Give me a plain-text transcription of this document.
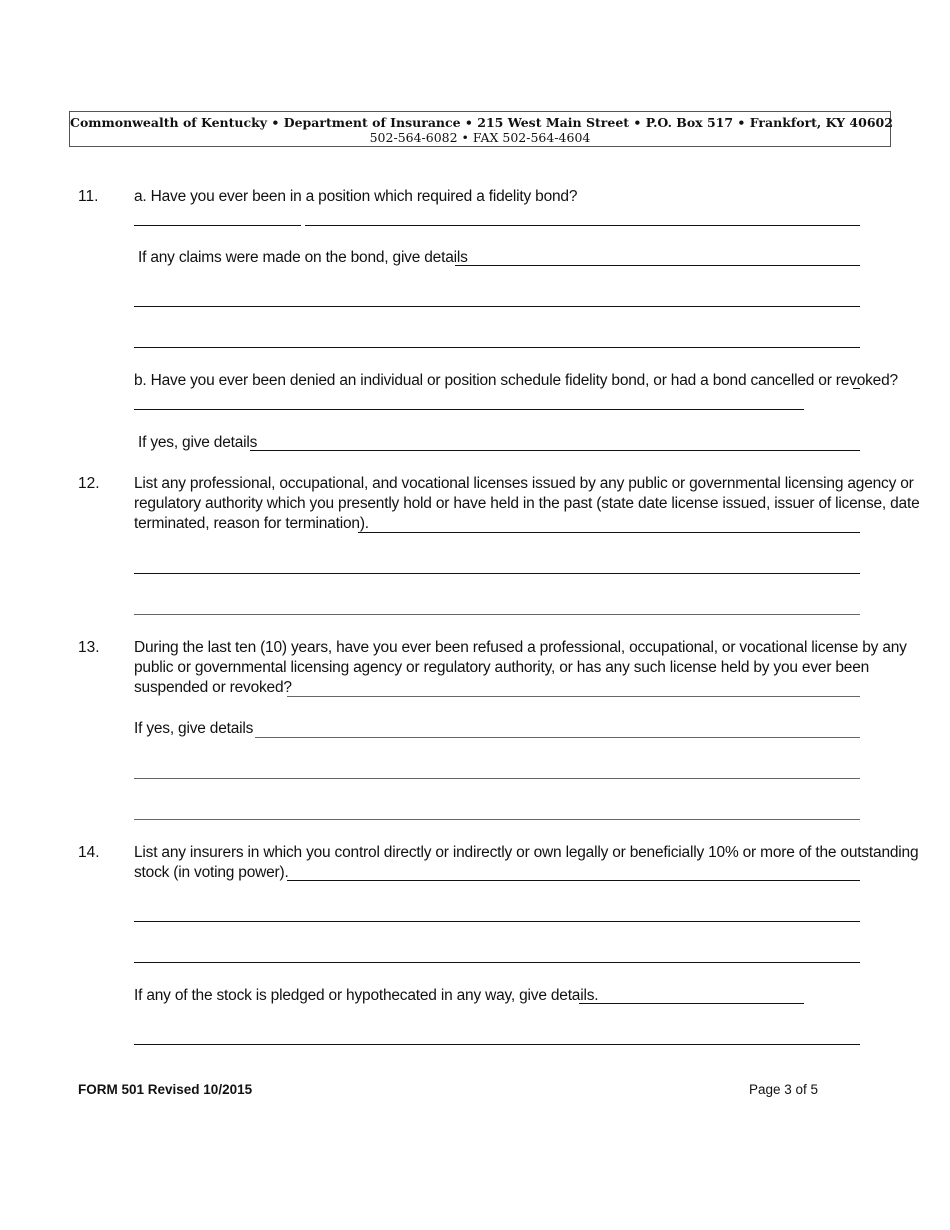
Commonwealth of Kentucky • Department of Insurance • 215 West Main Street • P.O. Box 517 • Frankfort, KY 40602
502-564-6082 • FAX 502-564-4604
11. a. Have you ever been in a position which required a fidelity bond?
If any claims were made on the bond, give details
b. Have you ever been denied an individual or position schedule fidelity bond, or had a bond cancelled or revoked?
If yes, give details
12. List any professional, occupational, and vocational licenses issued by any public or governmental licensing agency or
regulatory authority which you presently hold or have held in the past (state date license issued, issuer of license, date
terminated, reason for termination).
13. During the last ten (10) years, have you ever been refused a professional, occupational, or vocational license by any
public or governmental licensing agency or regulatory authority, or has any such license held by you ever been
suspended or revoked?
If yes, give details
14. List any insurers in which you control directly or indirectly or own legally or beneficially 10% or more of the outstanding
stock (in voting power).
If any of the stock is pledged or hypothecated in any way, give details.
FORM 501 Revised 10/2015	Page 3 of 5
